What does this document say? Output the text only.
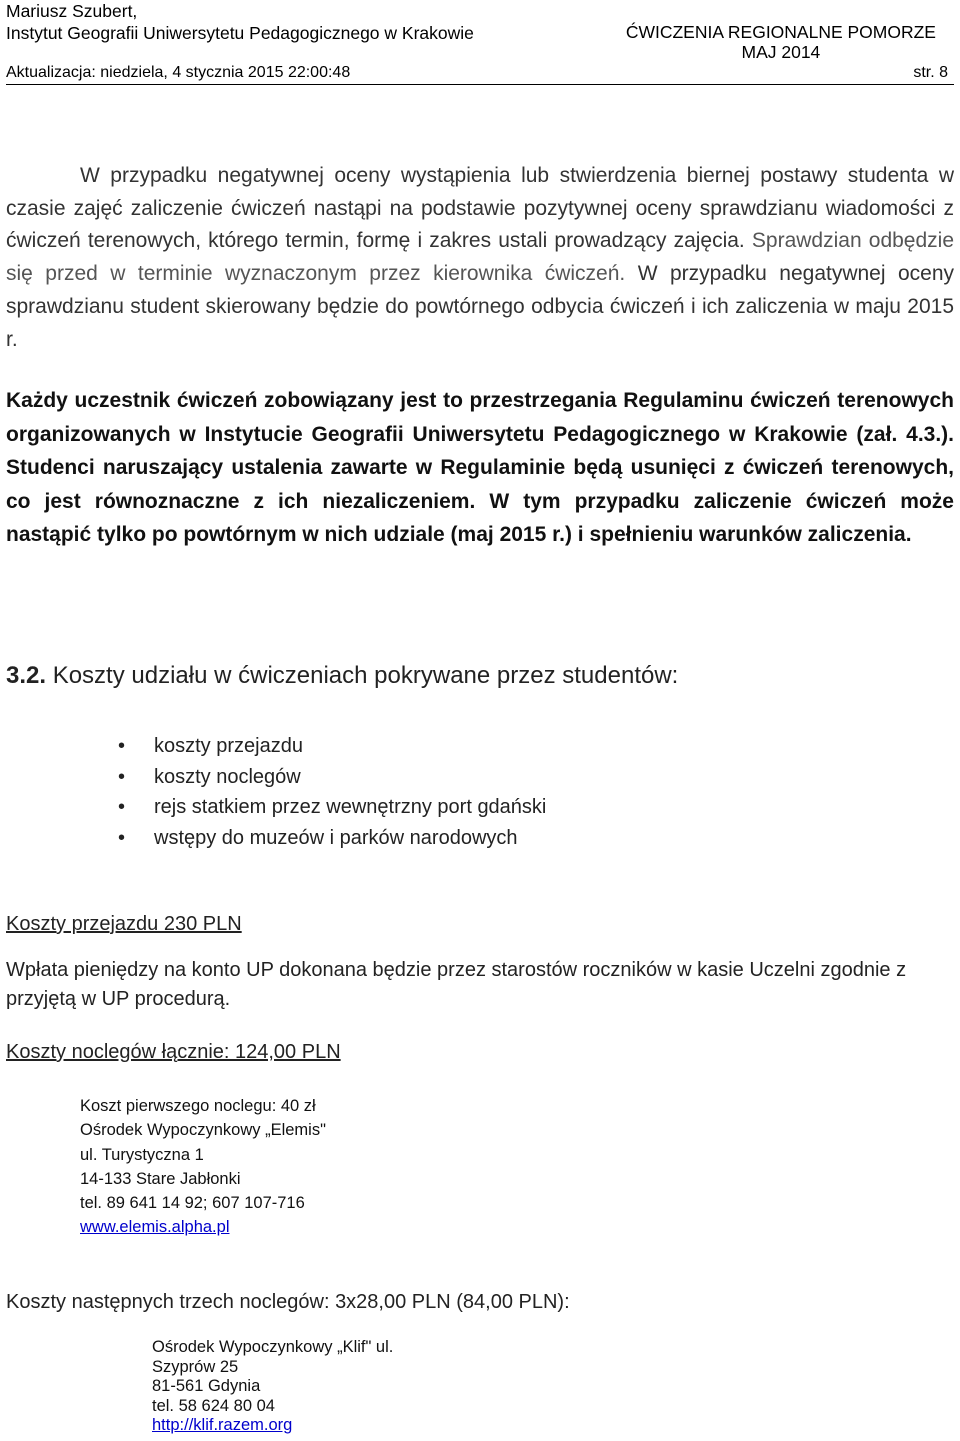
Mariusz Szubert,
Instytut Geografii Uniwersytetu Pedagogicznego w Krakowie	ĆWICZENIA REGIONALNE POMORZE
MAJ 2014
Aktualizacja: niedziela, 4 stycznia 2015 22:00:48	str. 8
W przypadku negatywnej oceny wystąpienia lub stwierdzenia biernej postawy studenta w czasie zajęć zaliczenie ćwiczeń nastąpi na podstawie pozytywnej oceny sprawdzianu wiadomości z ćwiczeń terenowych, którego termin, formę i zakres ustali prowadzący zajęcia. Sprawdzian odbędzie się przed w terminie wyznaczonym przez kierownika ćwiczeń. W przypadku negatywnej oceny sprawdzianu student skierowany będzie do powtórnego odbycia ćwiczeń i ich zaliczenia w maju 2015 r.
Każdy uczestnik ćwiczeń zobowiązany jest to przestrzegania Regulaminu ćwiczeń terenowych organizowanych w Instytucie Geografii Uniwersytetu Pedagogicznego w Krakowie (zał. 4.3.). Studenci naruszający ustalenia zawarte w Regulaminie będą usunięci z ćwiczeń terenowych, co jest równoznaczne z ich niezaliczeniem. W tym przypadku zaliczenie ćwiczeń może nastąpić tylko po powtórnym w nich udziale (maj 2015 r.) i spełnieniu warunków zaliczenia.
3.2. Koszty udziału w ćwiczeniach pokrywane przez studentów:
• koszty przejazdu
• koszty noclegów
• rejs statkiem przez wewnętrzny port gdański
• wstępy do muzeów i parków narodowych
Koszty przejazdu 230 PLN
Wpłata pieniędzy na konto UP dokonana będzie przez starostów roczników w kasie Uczelni zgodnie z przyjętą w UP procedurą.
Koszty noclegów łącznie: 124,00 PLN
Koszt pierwszego noclegu: 40 zł
Ośrodek Wypoczynkowy „Elemis"
ul. Turystyczna 1
14-133 Stare Jabłonki
tel. 89 641 14 92; 607 107-716
www.elemis.alpha.pl
Koszty następnych trzech noclegów: 3x28,00 PLN (84,00 PLN):
Ośrodek Wypoczynkowy „Klif" ul.
Szyprów 25
81-561 Gdynia
tel. 58 624 80 04
http://klif.razem.org
